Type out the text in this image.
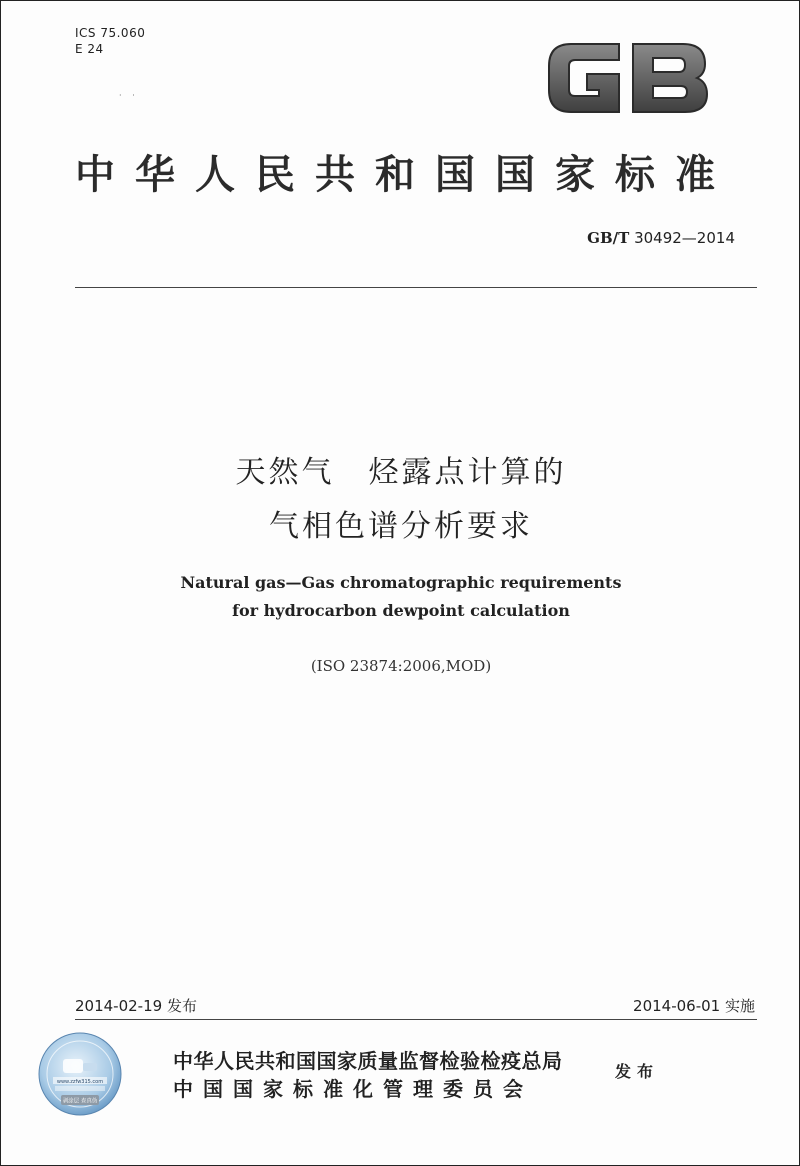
ICS 75.060
E 24
· ·
中华人民共和国国家标准
GB/T 30492—2014
天然气 烃露点计算的
气相色谱分析要求
Natural gas—Gas chromatographic requirements
for hydrocarbon dewpoint calculation
(ISO 23874:2006,MOD)
2014-02-19 发布	2014-06-01 实施
www.zzfw315.com
剥涂层 查真伪
中华人民共和国国家质量监督检验检疫总局
中国国家标准化管理委员会
发布
